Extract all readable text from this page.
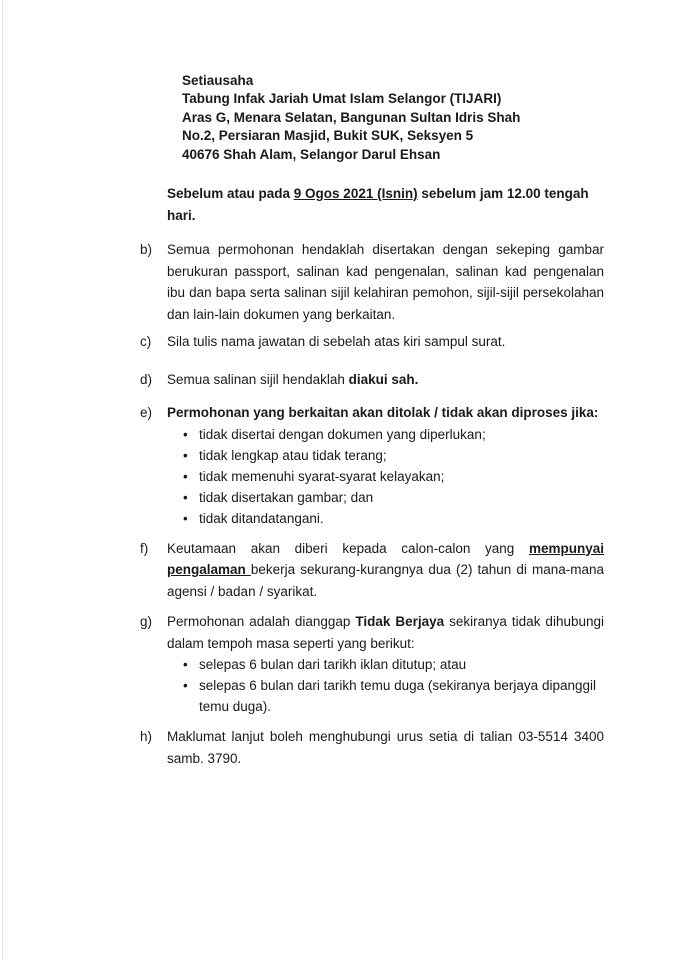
Setiausaha
Tabung Infak Jariah Umat Islam Selangor (TIJARI)
Aras G, Menara Selatan, Bangunan Sultan Idris Shah
No.2, Persiaran Masjid, Bukit SUK, Seksyen 5
40676 Shah Alam, Selangor Darul Ehsan

Sebelum atau pada 9 Ogos 2021 (Isnin) sebelum jam 12.00 tengah hari.

b)	Semua permohonan hendaklah disertakan dengan sekeping gambar berukuran passport, salinan kad pengenalan, salinan kad pengenalan ibu dan bapa serta salinan sijil kelahiran pemohon, sijil-sijil persekolahan dan lain-lain dokumen yang berkaitan.
c)	Sila tulis nama jawatan di sebelah atas kiri sampul surat.
d)	Semua salinan sijil hendaklah diakui sah.
e)	Permohonan yang berkaitan akan ditolak / tidak akan diproses jika:
• tidak disertai dengan dokumen yang diperlukan;
• tidak lengkap atau tidak terang;
• tidak memenuhi syarat-syarat kelayakan;
• tidak disertakan gambar; dan
• tidak ditandatangani.
f)	Keutamaan akan diberi kepada calon-calon yang mempunyai pengalaman bekerja sekurang-kurangnya dua (2) tahun di mana-mana agensi / badan / syarikat.
g)	Permohonan adalah dianggap Tidak Berjaya sekiranya tidak dihubungi dalam tempoh masa seperti yang berikut:
• selepas 6 bulan dari tarikh iklan ditutup; atau
• selepas 6 bulan dari tarikh temu duga (sekiranya berjaya dipanggil temu duga).
h)	Maklumat lanjut boleh menghubungi urus setia di talian 03-5514 3400 samb. 3790.
